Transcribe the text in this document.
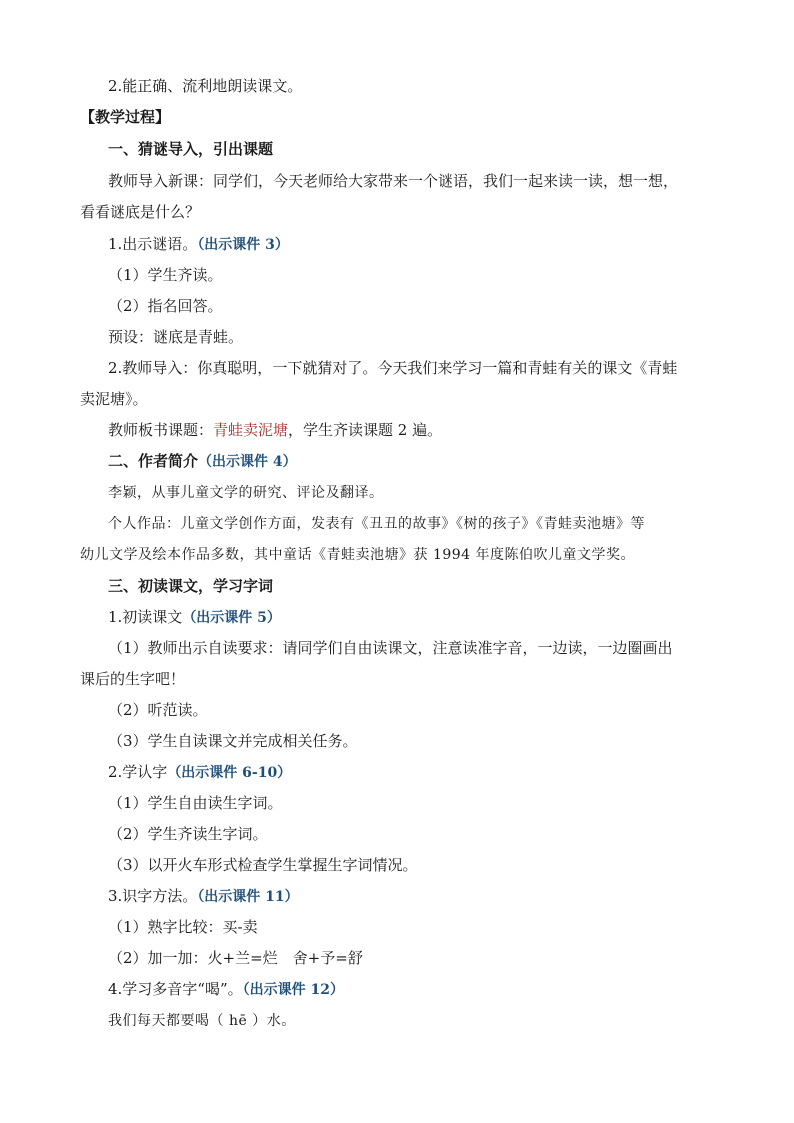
2.能正确、流利地朗读课文。
【教学过程】
一、猜谜导入，引出课题
教师导入新课：同学们，今天老师给大家带来一个谜语，我们一起来读一读，想一想，
看看谜底是什么？
1.出示谜语。（出示课件 3）
（1）学生齐读。
（2）指名回答。
预设：谜底是青蛙。
2.教师导入：你真聪明，一下就猜对了。今天我们来学习一篇和青蛙有关的课文《青蛙
卖泥塘》。
教师板书课题：青蛙卖泥塘，学生齐读课题 2 遍。
二、作者简介（出示课件 4）
李颖，从事儿童文学的研究、评论及翻译。
个人作品：儿童文学创作方面，发表有《丑丑的故事》《树的孩子》《青蛙卖池塘》等
幼儿文学及绘本作品多数，其中童话《青蛙卖池塘》获 1994 年度陈伯吹儿童文学奖。
三、初读课文，学习字词
1.初读课文（出示课件 5）
（1）教师出示自读要求：请同学们自由读课文，注意读准字音，一边读，一边圈画出
课后的生字吧！
（2）听范读。
（3）学生自读课文并完成相关任务。
2.学认字（出示课件 6-10）
（1）学生自由读生字词。
（2）学生齐读生字词。
（3）以开火车形式检查学生掌握生字词情况。
3.识字方法。（出示课件 11）
（1）熟字比较：买-卖
（2）加一加：火+兰=烂　舍+予=舒
4.学习多音字“喝”。（出示课件 12）
我们每天都要喝（ hē ）水。
